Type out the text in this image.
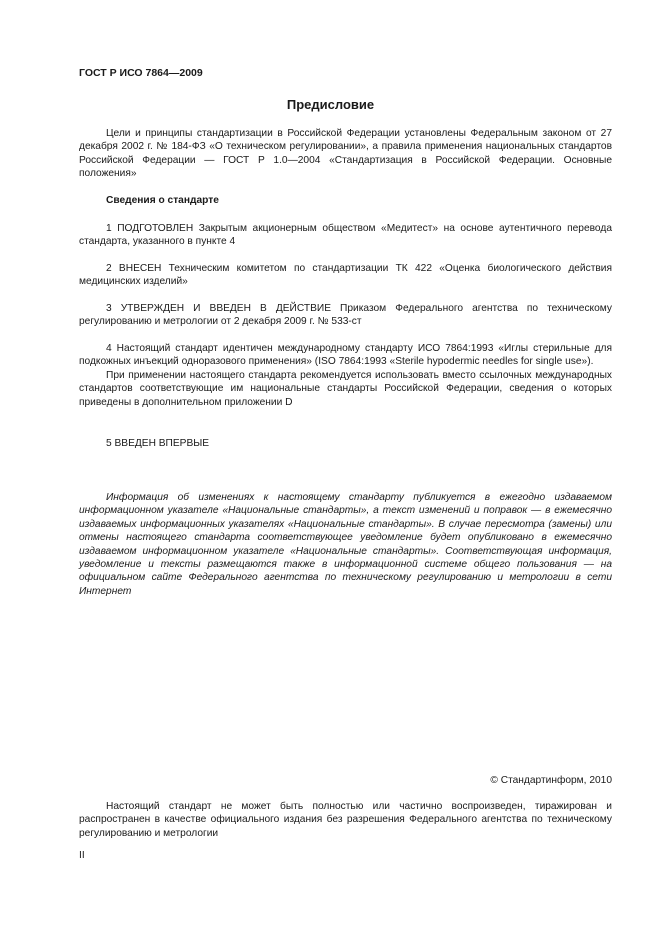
ГОСТ Р ИСО 7864—2009
Предисловие

Цели и принципы стандартизации в Российской Федерации установлены Федеральным законом от 27 декабря 2002 г. № 184-ФЗ «О техническом регулировании», а правила применения национальных стандартов Российской Федерации — ГОСТ Р 1.0—2004 «Стандартизация в Российской Федерации. Основные положения»

Сведения о стандарте

1 ПОДГОТОВЛЕН Закрытым акционерным обществом «Медитест» на основе аутентичного перевода стандарта, указанного в пункте 4

2 ВНЕСЕН Техническим комитетом по стандартизации ТК 422 «Оценка биологического действия медицинских изделий»

3 УТВЕРЖДЕН И ВВЕДЕН В ДЕЙСТВИЕ Приказом Федерального агентства по техническому регулированию и метрологии от 2 декабря 2009 г. № 533-ст

4 Настоящий стандарт идентичен международному стандарту ИСО 7864:1993 «Иглы стерильные для подкожных инъекций одноразового применения» (ISO 7864:1993 «Sterile hypodermic needles for single use»).

При применении настоящего стандарта рекомендуется использовать вместо ссылочных международных стандартов соответствующие им национальные стандарты Российской Федерации, сведения о которых приведены в дополнительном приложении D

5 ВВЕДЕН ВПЕРВЫЕ

Информация об изменениях к настоящему стандарту публикуется в ежегодно издаваемом информационном указателе «Национальные стандарты», а текст изменений и поправок — в ежемесячно издаваемых информационных указателях «Национальные стандарты». В случае пересмотра (замены) или отмены настоящего стандарта соответствующее уведомление будет опубликовано в ежемесячно издаваемом информационном указателе «Национальные стандарты». Соответствующая информация, уведомление и тексты размещаются также в информационной системе общего пользования — на официальном сайте Федерального агентства по техническому регулированию и метрологии в сети Интернет

© Стандартинформ, 2010

Настоящий стандарт не может быть полностью или частично воспроизведен, тиражирован и распространен в качестве официального издания без разрешения Федерального агентства по техническому регулированию и метрологии

II
